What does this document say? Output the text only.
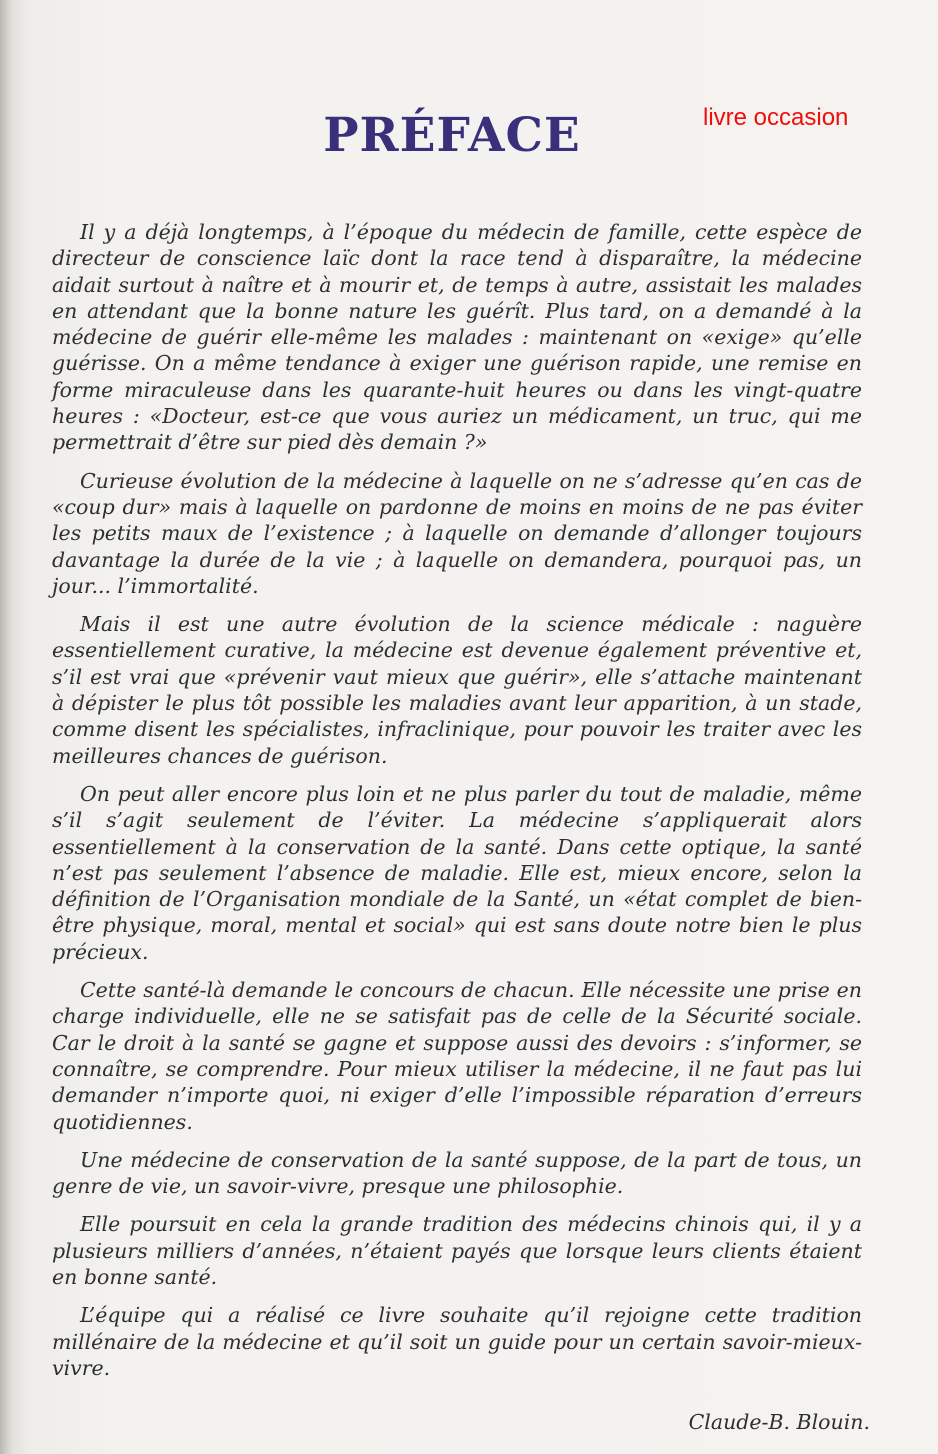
PRÉFACE	livre occasion

Il y a déjà longtemps, à l’époque du médecin de famille, cette espèce de directeur de conscience laïc dont la race tend à disparaître, la médecine aidait surtout à naître et à mourir et, de temps à autre, assistait les malades en attendant que la bonne nature les guérît. Plus tard, on a demandé à la médecine de guérir elle-même les malades : maintenant on «exige» qu’elle guérisse. On a même tendance à exiger une guérison rapide, une remise en forme miraculeuse dans les quarante-huit heures ou dans les vingt-quatre heures : «Docteur, est-ce que vous auriez un médicament, un truc, qui me permettrait d’être sur pied dès demain ?»

Curieuse évolution de la médecine à laquelle on ne s’adresse qu’en cas de «coup dur» mais à laquelle on pardonne de moins en moins de ne pas éviter les petits maux de l’existence ; à laquelle on demande d’allonger toujours davantage la durée de la vie ; à laquelle on demandera, pourquoi pas, un jour... l’immortalité.

Mais il est une autre évolution de la science médicale : naguère essentiellement curative, la médecine est devenue également préventive et, s’il est vrai que «prévenir vaut mieux que guérir», elle s’attache maintenant à dépister le plus tôt possible les maladies avant leur apparition, à un stade, comme disent les spécialistes, infraclinique, pour pouvoir les traiter avec les meilleures chances de guérison.

On peut aller encore plus loin et ne plus parler du tout de maladie, même s’il s’agit seulement de l’éviter. La médecine s’appliquerait alors essentiellement à la conservation de la santé. Dans cette optique, la santé n’est pas seulement l’absence de maladie. Elle est, mieux encore, selon la définition de l’Organisation mondiale de la Santé, un «état complet de bien-être physique, moral, mental et social» qui est sans doute notre bien le plus précieux.

Cette santé-là demande le concours de chacun. Elle nécessite une prise en charge individuelle, elle ne se satisfait pas de celle de la Sécurité sociale. Car le droit à la santé se gagne et suppose aussi des devoirs : s’informer, se connaître, se comprendre. Pour mieux utiliser la médecine, il ne faut pas lui demander n’importe quoi, ni exiger d’elle l’impossible réparation d’erreurs quotidiennes.

Une médecine de conservation de la santé suppose, de la part de tous, un genre de vie, un savoir-vivre, presque une philosophie.

Elle poursuit en cela la grande tradition des médecins chinois qui, il y a plusieurs milliers d’années, n’étaient payés que lorsque leurs clients étaient en bonne santé.

L’équipe qui a réalisé ce livre souhaite qu’il rejoigne cette tradition millénaire de la médecine et qu’il soit un guide pour un certain savoir-mieux-vivre.

Claude-B. Blouin.
